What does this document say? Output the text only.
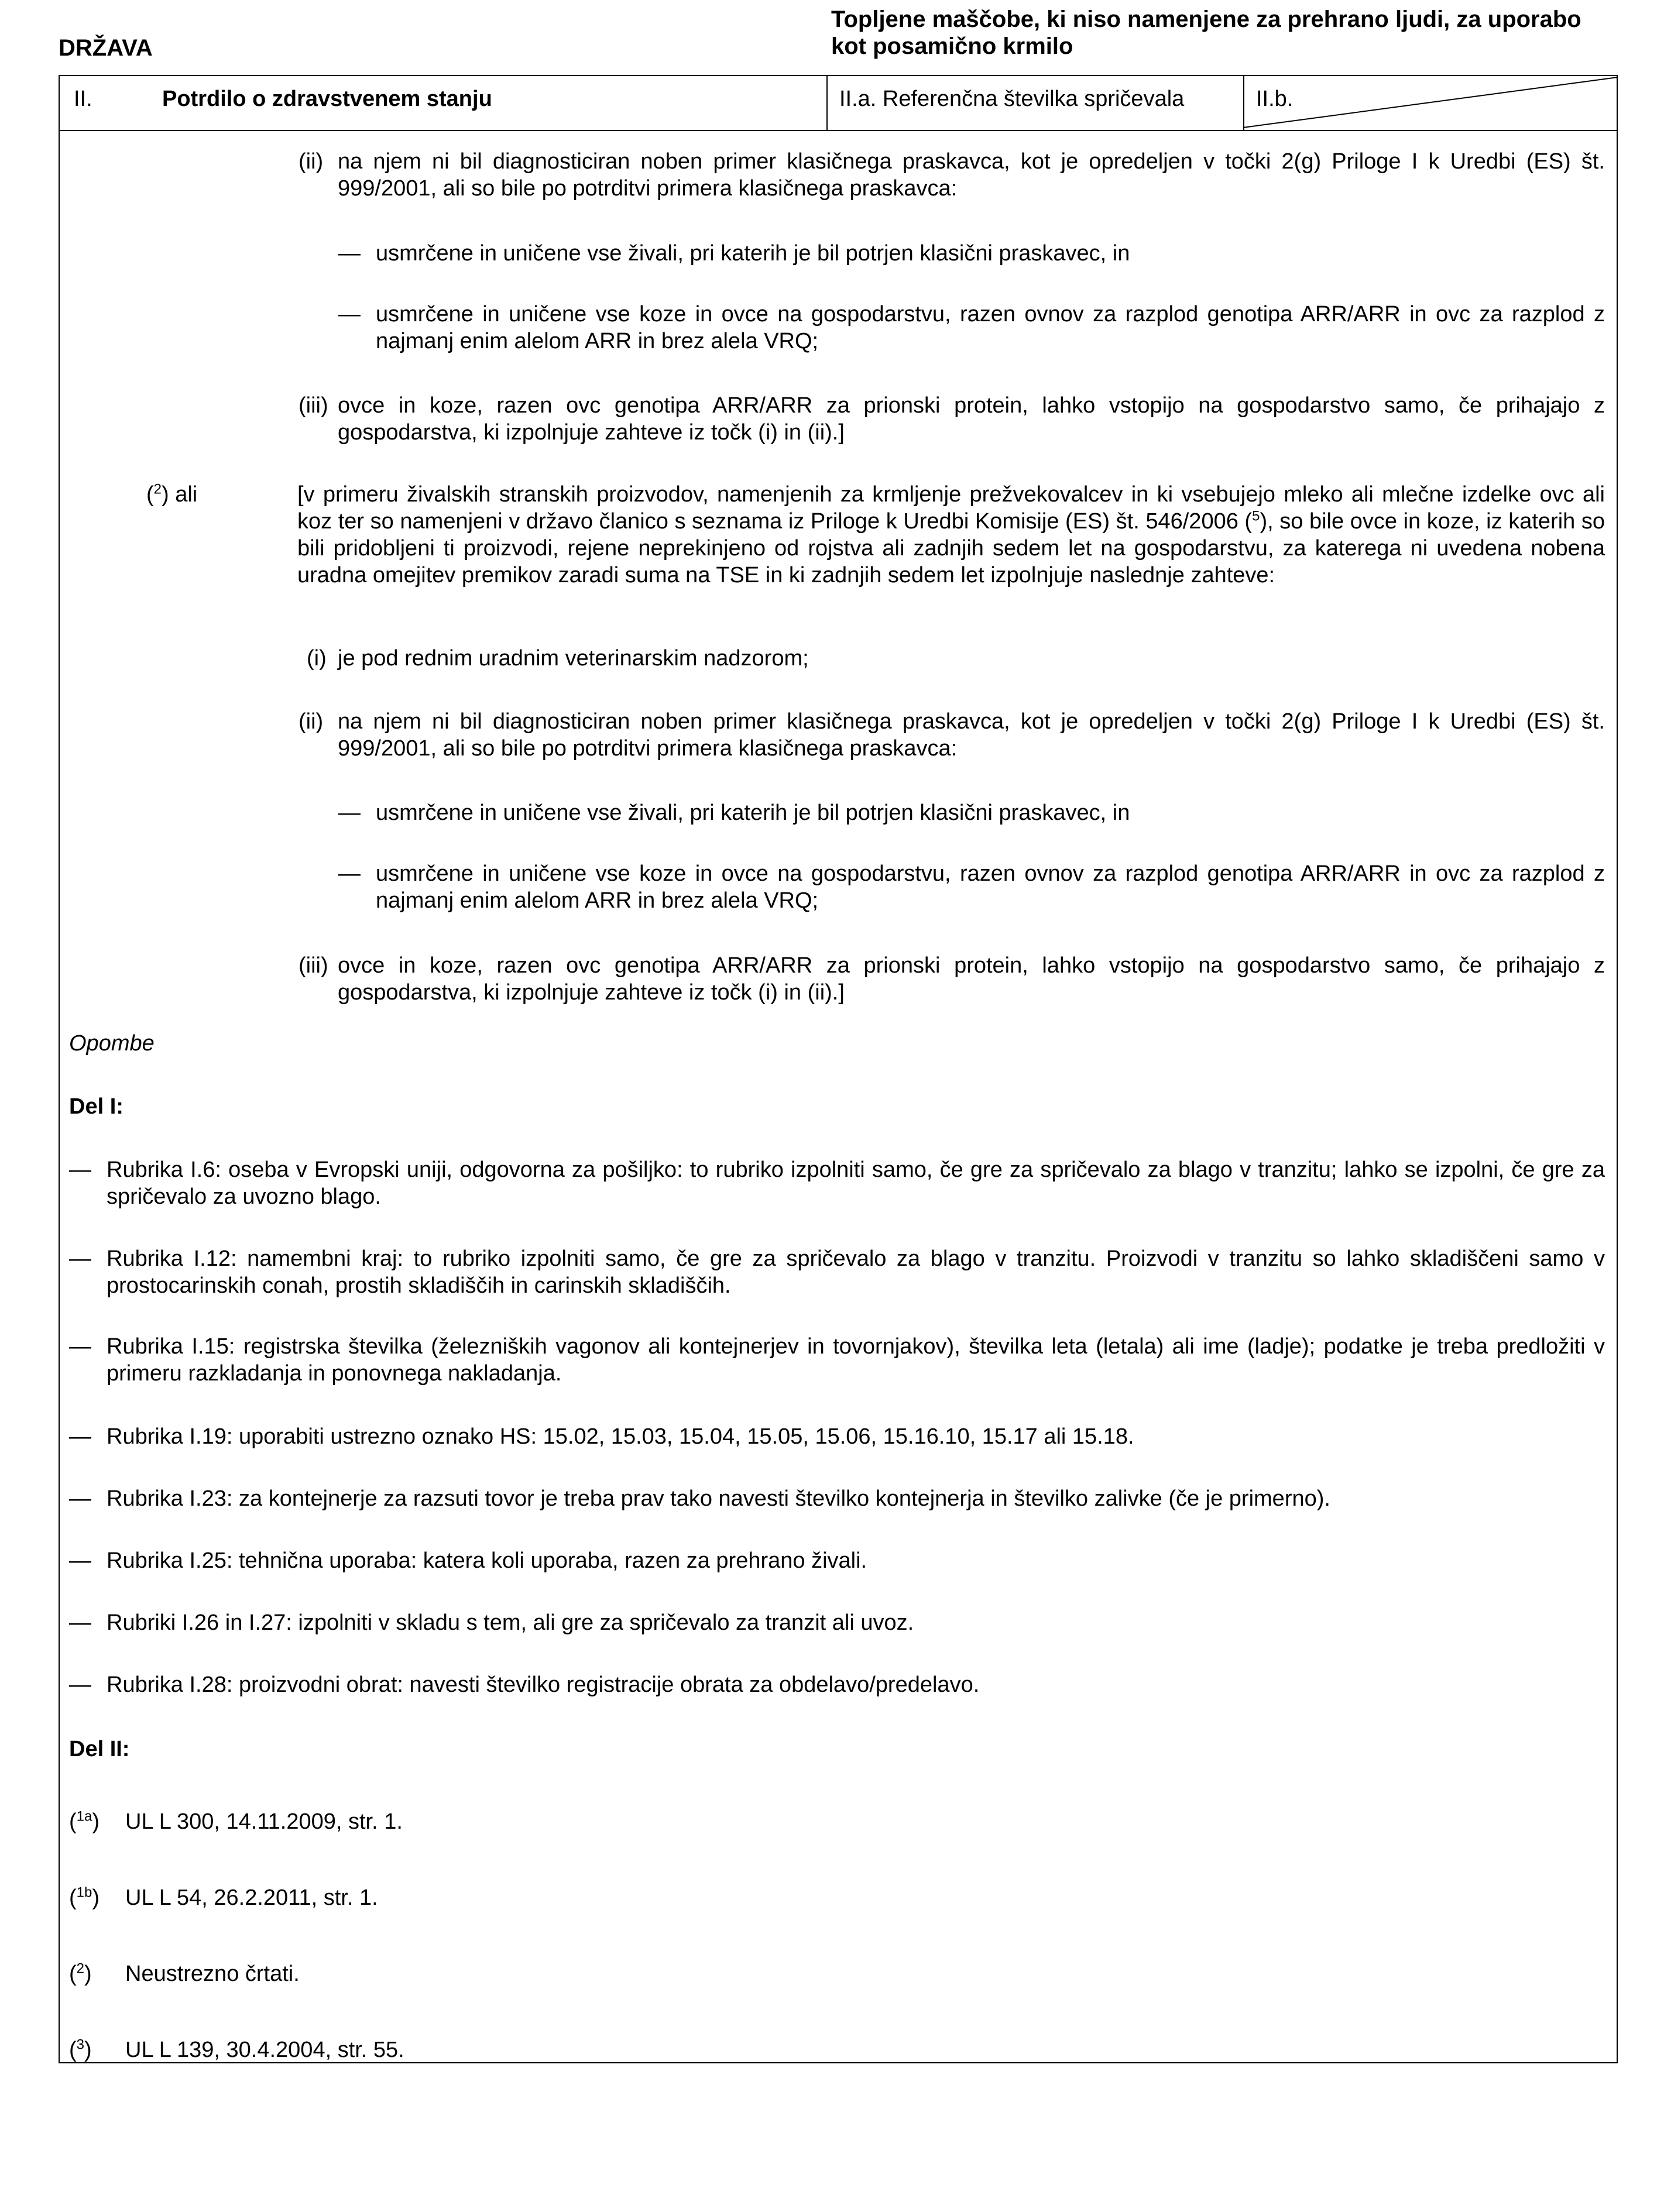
DRŽAVA
Topljene maščobe, ki niso namenjene za prehrano ljudi, za uporabo kot posamično krmilo
II.	Potrdilo o zdravstvenem stanju	II.a. Referenčna številka spričevala	II.b.
(ii) na njem ni bil diagnosticiran noben primer klasičnega praskavca, kot je opredeljen v točki 2(g) Priloge I k Uredbi (ES) št. 999/2001, ali so bile po potrditvi primera klasičnega praskavca:
— usmrčene in uničene vse živali, pri katerih je bil potrjen klasični praskavec, in
— usmrčene in uničene vse koze in ovce na gospodarstvu, razen ovnov za razplod genotipa ARR/ARR in ovc za razplod z najmanj enim alelom ARR in brez alela VRQ;
(iii) ovce in koze, razen ovc genotipa ARR/ARR za prionski protein, lahko vstopijo na gospodarstvo samo, če prihajajo z gospodarstva, ki izpolnjuje zahteve iz točk (i) in (ii).]
($^2$) ali	[v primeru živalskih stranskih proizvodov, namenjenih za krmljenje prežvekovalcev in ki vsebujejo mleko ali mlečne izdelke ovc ali koz ter so namenjeni v državo članico s seznama iz Priloge k Uredbi Komisije (ES) št. 546/2006 ($^5$), so bile ovce in koze, iz katerih so bili pridobljeni ti proizvodi, rejene neprekinjeno od rojstva ali zadnjih sedem let na gospodarstvu, za katerega ni uvedena nobena uradna omejitev premikov zaradi suma na TSE in ki zadnjih sedem let izpolnjuje naslednje zahteve:
(i) je pod rednim uradnim veterinarskim nadzorom;
(ii) na njem ni bil diagnosticiran noben primer klasičnega praskavca, kot je opredeljen v točki 2(g) Priloge I k Uredbi (ES) št. 999/2001, ali so bile po potrditvi primera klasičnega praskavca:
— usmrčene in uničene vse živali, pri katerih je bil potrjen klasični praskavec, in
— usmrčene in uničene vse koze in ovce na gospodarstvu, razen ovnov za razplod genotipa ARR/ARR in ovc za razplod z najmanj enim alelom ARR in brez alela VRQ;
(iii) ovce in koze, razen ovc genotipa ARR/ARR za prionski protein, lahko vstopijo na gospodarstvo samo, če prihajajo z gospodarstva, ki izpolnjuje zahteve iz točk (i) in (ii).]
Opombe
Del I:
— Rubrika I.6: oseba v Evropski uniji, odgovorna za pošiljko: to rubriko izpolniti samo, če gre za spričevalo za blago v tranzitu; lahko se izpolni, če gre za spričevalo za uvozno blago.
— Rubrika I.12: namembni kraj: to rubriko izpolniti samo, če gre za spričevalo za blago v tranzitu. Proizvodi v tranzitu so lahko skladiščeni samo v prostocarinskih conah, prostih skladiščih in carinskih skladiščih.
— Rubrika I.15: registrska številka (železniških vagonov ali kontejnerjev in tovornjakov), številka leta (letala) ali ime (ladje); podatke je treba predložiti v primeru razkladanja in ponovnega nakladanja.
— Rubrika I.19: uporabiti ustrezno oznako HS: 15.02, 15.03, 15.04, 15.05, 15.06, 15.16.10, 15.17 ali 15.18.
— Rubrika I.23: za kontejnerje za razsuti tovor je treba prav tako navesti številko kontejnerja in številko zalivke (če je primerno).
— Rubrika I.25: tehnična uporaba: katera koli uporaba, razen za prehrano živali.
— Rubriki I.26 in I.27: izpolniti v skladu s tem, ali gre za spričevalo za tranzit ali uvoz.
— Rubrika I.28: proizvodni obrat: navesti številko registracije obrata za obdelavo/predelavo.
Del II:
($^{1a}$) UL L 300, 14.11.2009, str. 1.
($^{1b}$) UL L 54, 26.2.2011, str. 1.
($^2$) Neustrezno črtati.
($^3$) UL L 139, 30.4.2004, str. 55.
